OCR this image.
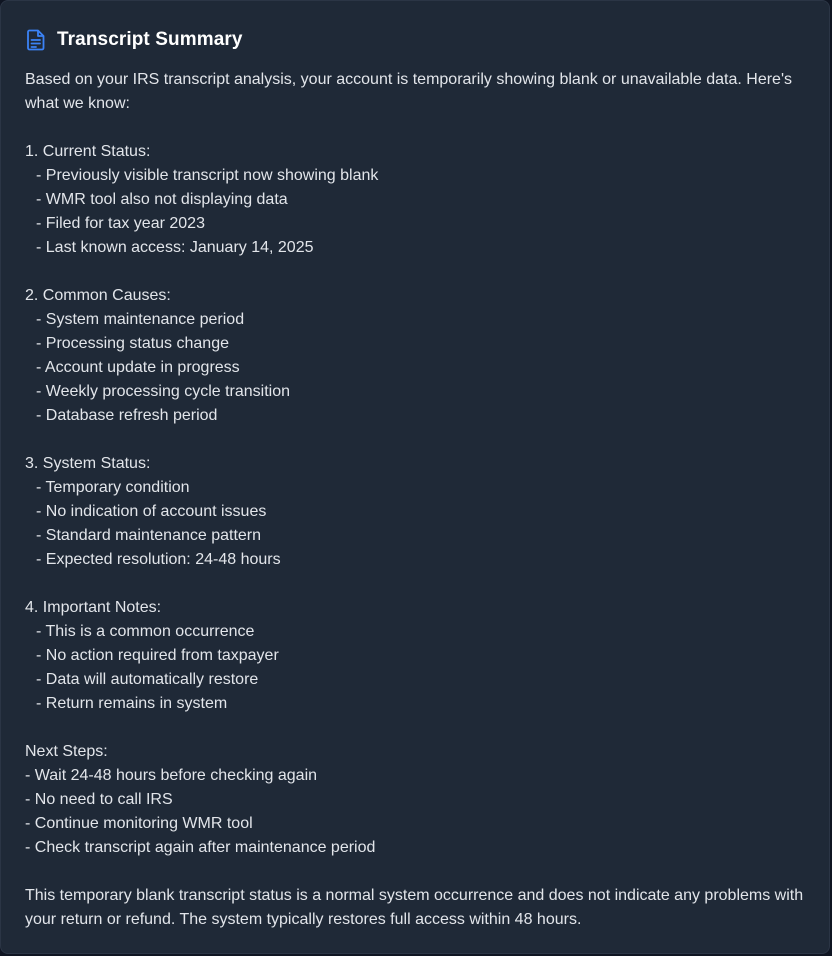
Transcript Summary
Based on your IRS transcript analysis, your account is temporarily showing blank or unavailable data. Here's what we know:

1. Current Status:
- Previously visible transcript now showing blank
- WMR tool also not displaying data
- Filed for tax year 2023
- Last known access: January 14, 2025

2. Common Causes:
- System maintenance period
- Processing status change
- Account update in progress
- Weekly processing cycle transition
- Database refresh period

3. System Status:
- Temporary condition
- No indication of account issues
- Standard maintenance pattern
- Expected resolution: 24-48 hours

4. Important Notes:
- This is a common occurrence
- No action required from taxpayer
- Data will automatically restore
- Return remains in system

Next Steps:
- Wait 24-48 hours before checking again
- No need to call IRS
- Continue monitoring WMR tool
- Check transcript again after maintenance period

This temporary blank transcript status is a normal system occurrence and does not indicate any problems with your return or refund. The system typically restores full access within 48 hours.
